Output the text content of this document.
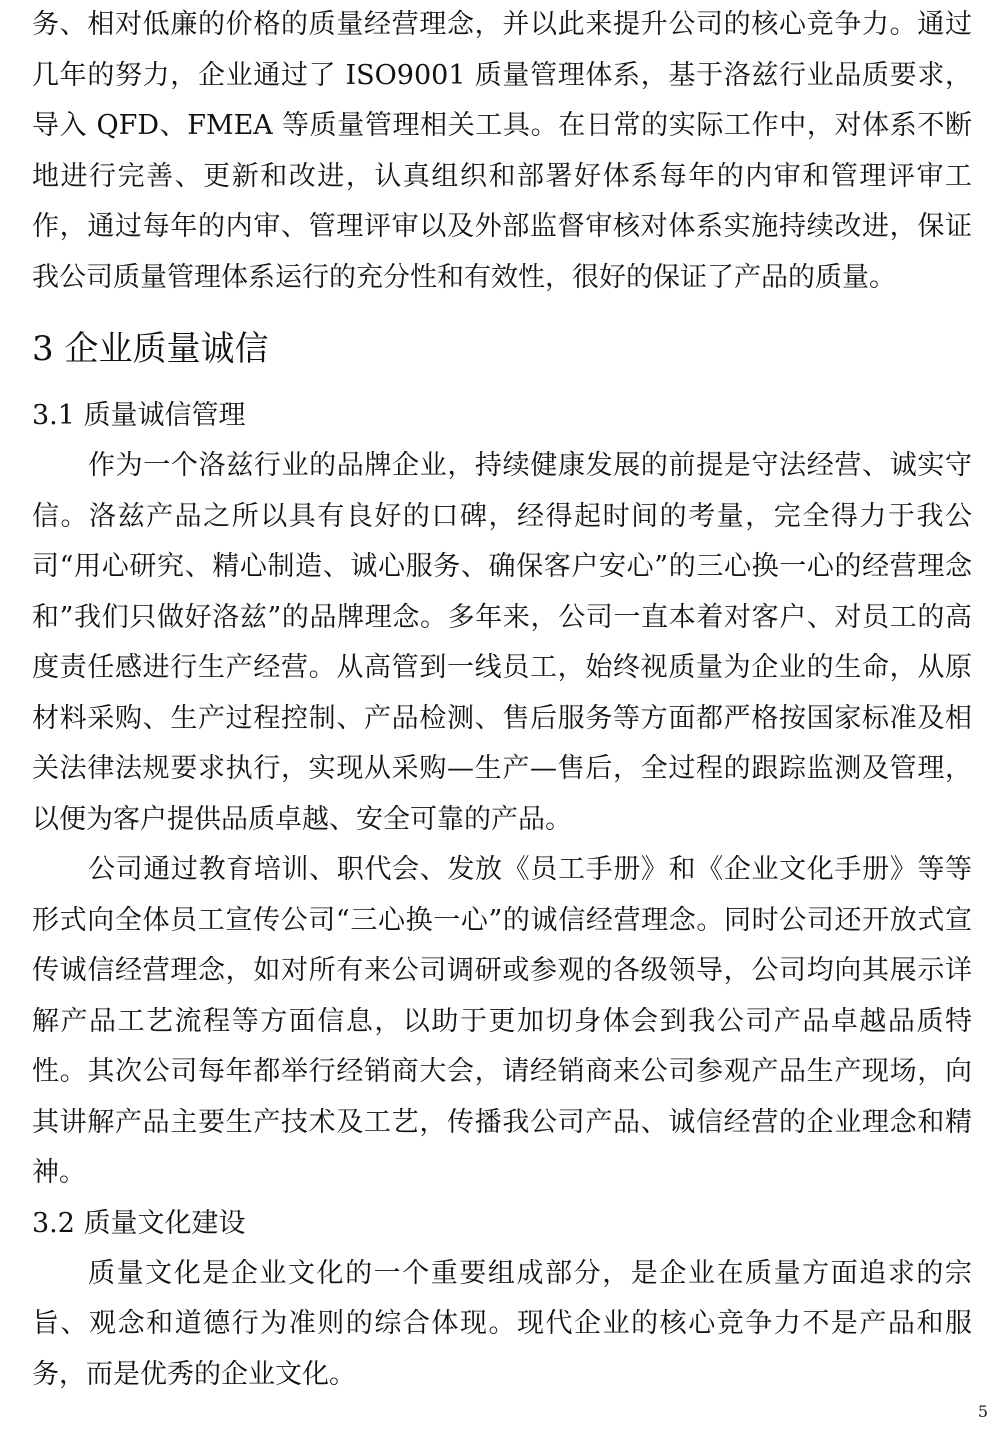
务、相对低廉的价格的质量经营理念，并以此来提升公司的核心竞争力。通过几年的努力，企业通过了 ISO9001 质量管理体系，基于洛兹行业品质要求，导入 QFD、FMEA 等质量管理相关工具。在日常的实际工作中，对体系不断地进行完善、更新和改进，认真组织和部署好体系每年的内审和管理评审工作，通过每年的内审、管理评审以及外部监督审核对体系实施持续改进，保证我公司质量管理体系运行的充分性和有效性，很好的保证了产品的质量。

3 企业质量诚信
3.1 质量诚信管理

作为一个洛兹行业的品牌企业，持续健康发展的前提是守法经营、诚实守信。洛兹产品之所以具有良好的口碑，经得起时间的考量，完全得力于我公司“用心研究、精心制造、诚心服务、确保客户安心”的三心换一心的经营理念和”我们只做好洛兹”的品牌理念。多年来，公司一直本着对客户、对员工的高度责任感进行生产经营。从高管到一线员工，始终视质量为企业的生命，从原材料采购、生产过程控制、产品检测、售后服务等方面都严格按国家标准及相关法律法规要求执行，实现从采购—生产—售后，全过程的跟踪监测及管理，以便为客户提供品质卓越、安全可靠的产品。

公司通过教育培训、职代会、发放《员工手册》和《企业文化手册》等等形式向全体员工宣传公司“三心换一心”的诚信经营理念。同时公司还开放式宣传诚信经营理念，如对所有来公司调研或参观的各级领导，公司均向其展示详解产品工艺流程等方面信息，以助于更加切身体会到我公司产品卓越品质特性。其次公司每年都举行经销商大会，请经销商来公司参观产品生产现场，向其讲解产品主要生产技术及工艺，传播我公司产品、诚信经营的企业理念和精神。

3.2 质量文化建设

质量文化是企业文化的一个重要组成部分，是企业在质量方面追求的宗旨、观念和道德行为准则的综合体现。现代企业的核心竞争力不是产品和服务，而是优秀的企业文化。

5
